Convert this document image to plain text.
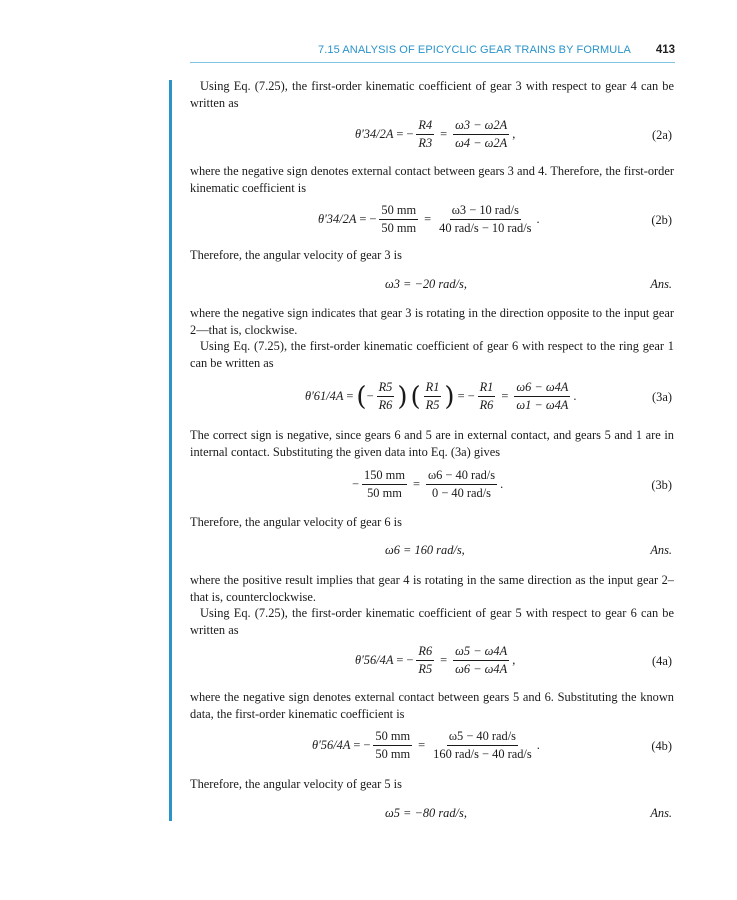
7.15 ANALYSIS OF EPICYCLIC GEAR TRAINS BY FORMULA 413
Using Eq. (7.25), the first-order kinematic coefficient of gear 3 with respect to gear 4 can be written as
θ′34/2A = − $\frac{R4}{R3} = \frac{\omega 3 - \omega 2A}{\omega 4 - \omega 2A}$ ,	(2a)
where the negative sign denotes external contact between gears 3 and 4. Therefore, the first-order kinematic coefficient is
θ′34/2A = − $\frac{50 mm}{50 mm} = \frac{\text{ω3 − 10 rad/s}}{\text{40 rad/s − 10 rad/s}}$ .	(2b)
Therefore, the angular velocity of gear 3 is
ω3 = −20 rad/s,	Ans.
where the negative sign indicates that gear 3 is rotating in the direction opposite to the input gear 2—that is, clockwise.
Using Eq. (7.25), the first-order kinematic coefficient of gear 6 with respect to the ring gear 1 can be written as
θ′61/4A = ( − $\frac{R5}{R6}$ ) ( $\frac{R1}{R5}$ ) = − $\frac{R1}{R6} = \frac{\omega 6 - \omega 4A}{\omega 1 - \omega 4A}$ .	(3a)
The correct sign is negative, since gears 6 and 5 are in external contact, and gears 5 and 1 are in internal contact. Substituting the given data into Eq. (3a) gives
− $\frac{150 mm}{50 mm} = \frac{\text{ω6 − 40 rad/s}}{\text{0 − 40 rad/s}}$ .	(3b)
Therefore, the angular velocity of gear 6 is
ω6 = 160 rad/s,	Ans.
where the positive result implies that gear 4 is rotating in the same direction as the input gear 2–that is, counterclockwise.
Using Eq. (7.25), the first-order kinematic coefficient of gear 5 with respect to gear 6 can be written as
θ′56/4A = − $\frac{R6}{R5} = \frac{\omega 5 - \omega 4A}{\omega 6 - \omega 4A}$ ,	(4a)
where the negative sign denotes external contact between gears 5 and 6. Substituting the known data, the first-order kinematic coefficient is
θ′56/4A = − $\frac{50 mm}{50 mm} = \frac{\text{ω5 − 40 rad/s}}{\text{160 rad/s − 40 rad/s}}$ .	(4b)
Therefore, the angular velocity of gear 5 is
ω5 = −80 rad/s,	Ans.
